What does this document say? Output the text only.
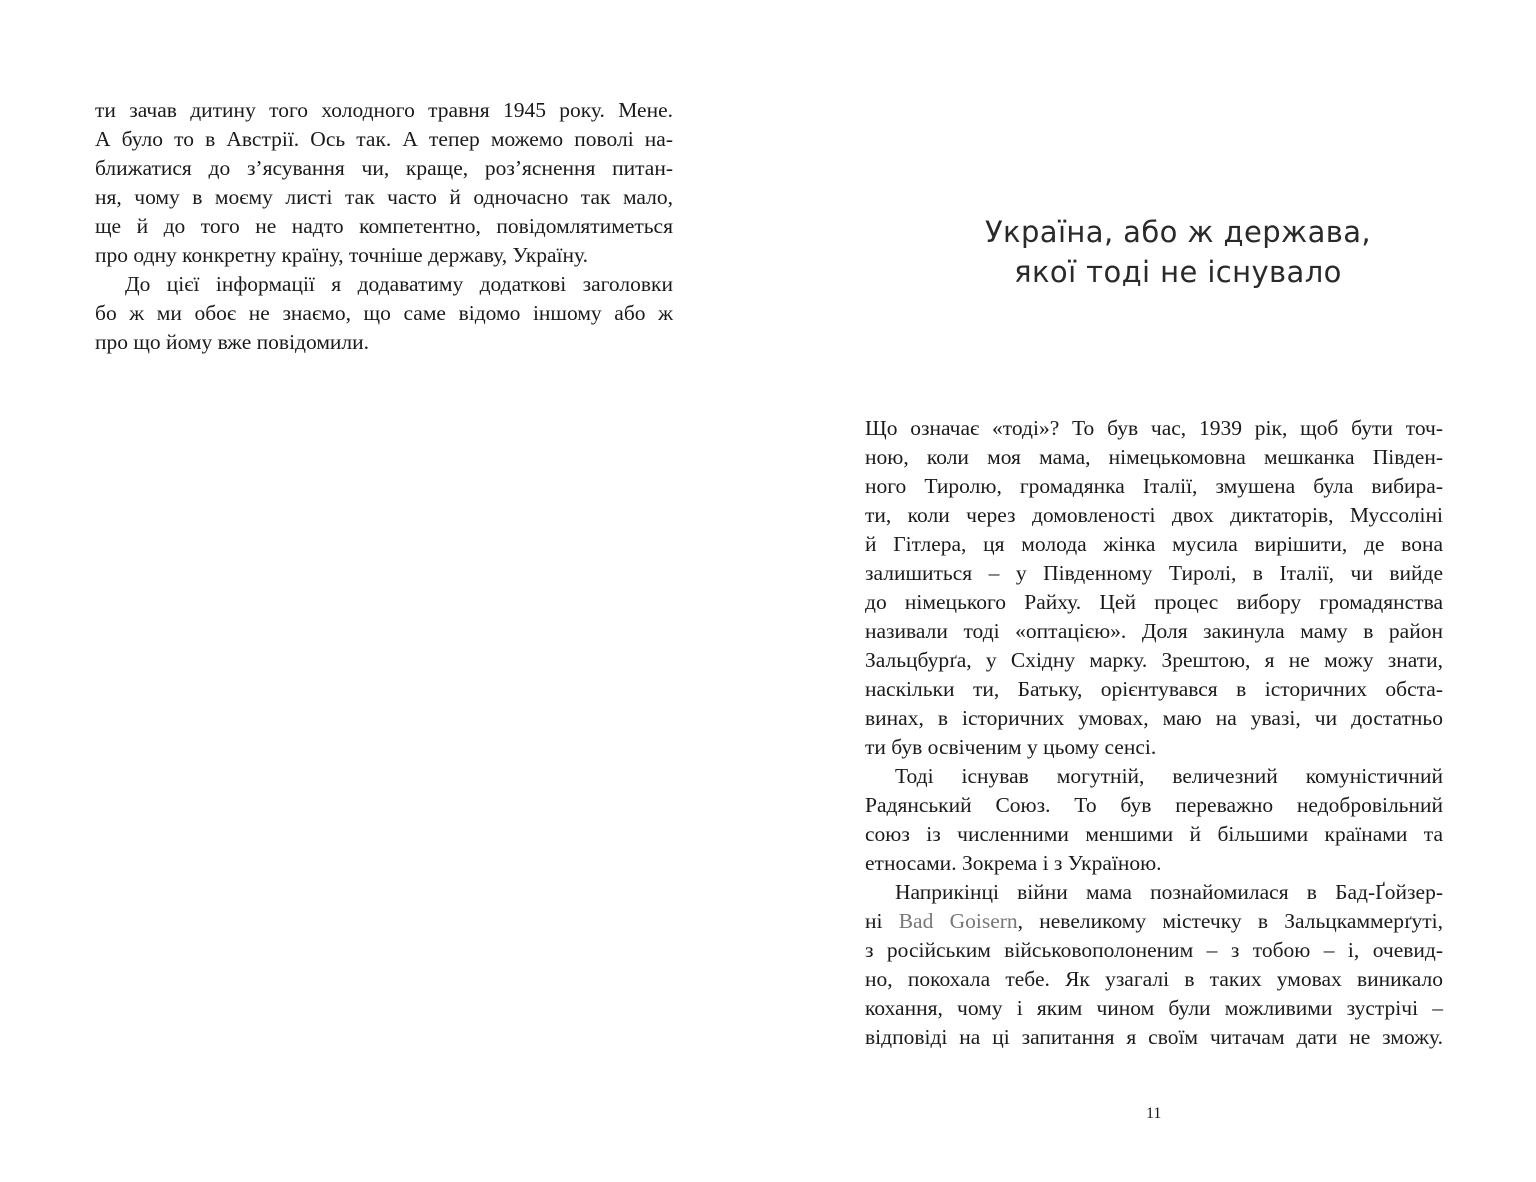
ти зачав дитину того холодного травня 1945 року. Мене.
А було то в Австрії. Ось так. А тепер можемо поволі на-
ближатися до з’ясування чи, краще, роз’яснення питан-
ня, чому в моєму листі так часто й одночасно так мало,
ще й до того не надто компетентно, повідомлятиметься
про одну конкретну країну, точніше державу, Україну.
До цієї інформації я додаватиму додаткові заголовки
бо ж ми обоє не знаємо, що саме відомо іншому або ж
про що йому вже повідомили.
Україна, або ж держава,
якої тоді не існувало
Що означає «тоді»? То був час, 1939 рік, щоб бути точ-
ною, коли моя мама, німецькомовна мешканка Півден-
ного Тиролю, громадянка Італії, змушена була вибира-
ти, коли через домовленості двох диктаторів, Муссоліні
й Гітлера, ця молода жінка мусила вирішити, де вона
залишиться – у Південному Тиролі, в Італії, чи вийде
до німецького Райху. Цей процес вибору громадянства
називали тоді «оптацією». Доля закинула маму в район
Зальцбурґа, у Східну марку. Зрештою, я не можу знати,
наскільки ти, Батьку, орієнтувався в історичних обста-
винах, в історичних умовах, маю на увазі, чи достатньо
ти був освіченим у цьому сенсі.
Тоді існував могутній, величезний комуністичний
Радянський Союз. То був переважно недобровільний
союз із численними меншими й більшими країнами та
етносами. Зокрема і з Україною.
Наприкінці війни мама познайомилася в Бад-Ґойзер-
ні Bad Goisern, невеликому містечку в Зальцкаммерґуті,
з російським військовополоненим – з тобою – і, очевид-
но, покохала тебе. Як узагалі в таких умовах виникало
кохання, чому і яким чином були можливими зустрічі –
відповіді на ці запитання я своїм читачам дати не зможу.
11
